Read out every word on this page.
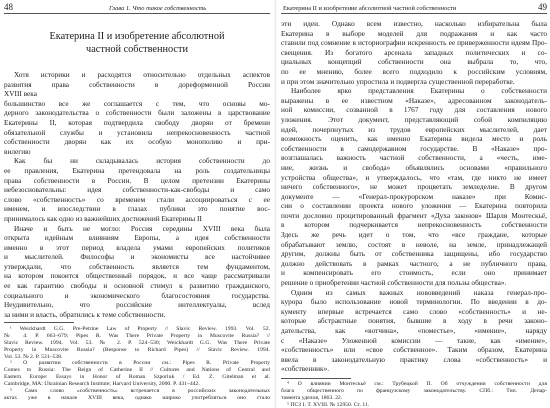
48	Глава 1. Что такое собственность
Екатерина II и изобретение абсолютной
частной собственности
Хотя историки и расходятся относительно отдельных аспектов
развития права собственности в дореформенной России
XVIII века
большинство все же соглашается с тем, что основы мо-
дерного законодательства о собственности были заложены в царствование
Екатерины II, которая подтвердила свободу дворян от бремени
обязательной службы и установила непрекосновенность частной
собственности дворян как их особую монополию и при-
вилегию
Как бы ни складывалась история собственности до
ее правления, Екатерина претендовала на роль создательницы
права собственности в России. В целом претензии Екатерины
небезосновательны: идея собственности-как-свободы и само
слово «собственность» со временем стали ассоциироваться с ее
именем, и впоследствии в глазах публики это понятие вос-
принималось как одно из важнейших достижений Екатерины II
Иначе и быть не могло: Россия середины XVIII века была
открыта идейным влияниям Европы, а идея собственности
именно в этот период владела умами европейских политиков
и мыслителей. Философы и экономисты все настойчивее
утверждали, что собственность является тем фундаментом,
на котором покоится общественный порядок, и все чаще рассматривали
ее как гарантию свободы и основной стимул к развитию гражданского,
социального и экономического благосостояния государства.
Неудивительно, что российские интеллектуалы, вслед
за ними и власть, обратились к теме собственности.
¹ Weickhardt G.G. Pre-Petrine Law of Property // Slavic Review. 1993. Vol. 52.
№ 4. P. 663–679; Pipes R. Was There Private Property in Muscovite Russia? //
Slavic Review. 1994. Vol. 53. № 2. P. 524–530; Weickhardt G.G. Was There Private
Property in Muscovite Russia? (Response to Richard Pipes) // Slavic Review. 1994.
Vol. 53. № 2. P. 531–538.
² О развитии собственности в России см.: Pipes R. Private Property
Comes to Russia: The Reign of Catherine II // Cultures and Nations of Central and
Eastern Europe: Essays in Honor of Roman Szporluk / Ed. Z. Gitelman et al.
Cambridge, MA: Ukrainian Research Institute; Harvard University, 2000. P. 431–442.
³ Само слово «собственность» встречается в российских законодательных
актах уже в начале XVIII века, однако широко употребляться оно стало
Екатерина II и изобретение абсолютной частной собственности	49
эти идеи. Однако всем известно, насколько избирательна была
Екатерина в выборе моделей для подражания и как часто
ставили под сомнение в историографии искренность ее приверженности идеям Про-
свещения. Из богатого арсенала западных политических и со-
циальных концепций собственности она выбрала то, что,
по ее мнению, более всего подходило к российским условиям,
и при этом значительно упростила и подвергла существенной переработке.
Наиболее ярко представления Екатерины о собственности
выражены в ее известном «Наказе», адресованном законодатель-
ной комиссии, созванной в 1767 году для составления нового
уложения. Этот документ, представляющий собой компиляцию
идей, почерпнутых из трудов европейских мыслителей, дает
возможность оценить, как именно Екатерина видела место и роль
собственности в самодержавном государстве. В «Наказе» про-
возглашалась важность частной собственности, а «честь, име-
ние, жизнь и свобода» объявлялись основами «правильного
устройства общества», и утверждалось, что «там, где никто не имеет
ничего собственного», не может процветать земледелие. В другом
документе — «Генерал-прокурорском наказе» при Комис-
сии о составлении проекта нового уложения — Екатерина повторила
почти дословно процитированный фрагмент «Духа законов» Шарля Монтескьё,
в котором подчеркивается непрекосновенность собственности
Здесь же речь идет о том, что «все граждане, которые
обрабатывают землю, состоят в неволе, на земле, принадлежащей
другим, должны быть от собственника защищены, ибо государство
должно действовать в рамках частного, а не публичного права,
и компенсировать его стоимость, если оно принимает
решение о приобретении частной собственности для пользы общества».
Одним из самых важных нововведений наказа генерал-про-
курора было использование новой терминологии. По введении в до-
кументу впервые встречается само слово «собственность» и не-
которые абстрактные понятия, бывшие в ходу в речи законо-
дательства, как «вотчина», «поместье», «имение», наряду
с «Наказе» Уложенной комиссии — такие, как «имение»,
«собственность» или «свое собственное». Таким образом, Екатерина
ввела в законодательную практику слова «собственность» и
«собственник».
⁴ О влиянии Монтескьё см.: Трубецкой П. Об отчуждении собственности для
блага общественного по французскому законодательству. СПб.: Тип. Депар-
тамента уделов, 1863. 22.
⁵ ПСЗ I. Т. XVIII. № 12950. Ст. 11.
